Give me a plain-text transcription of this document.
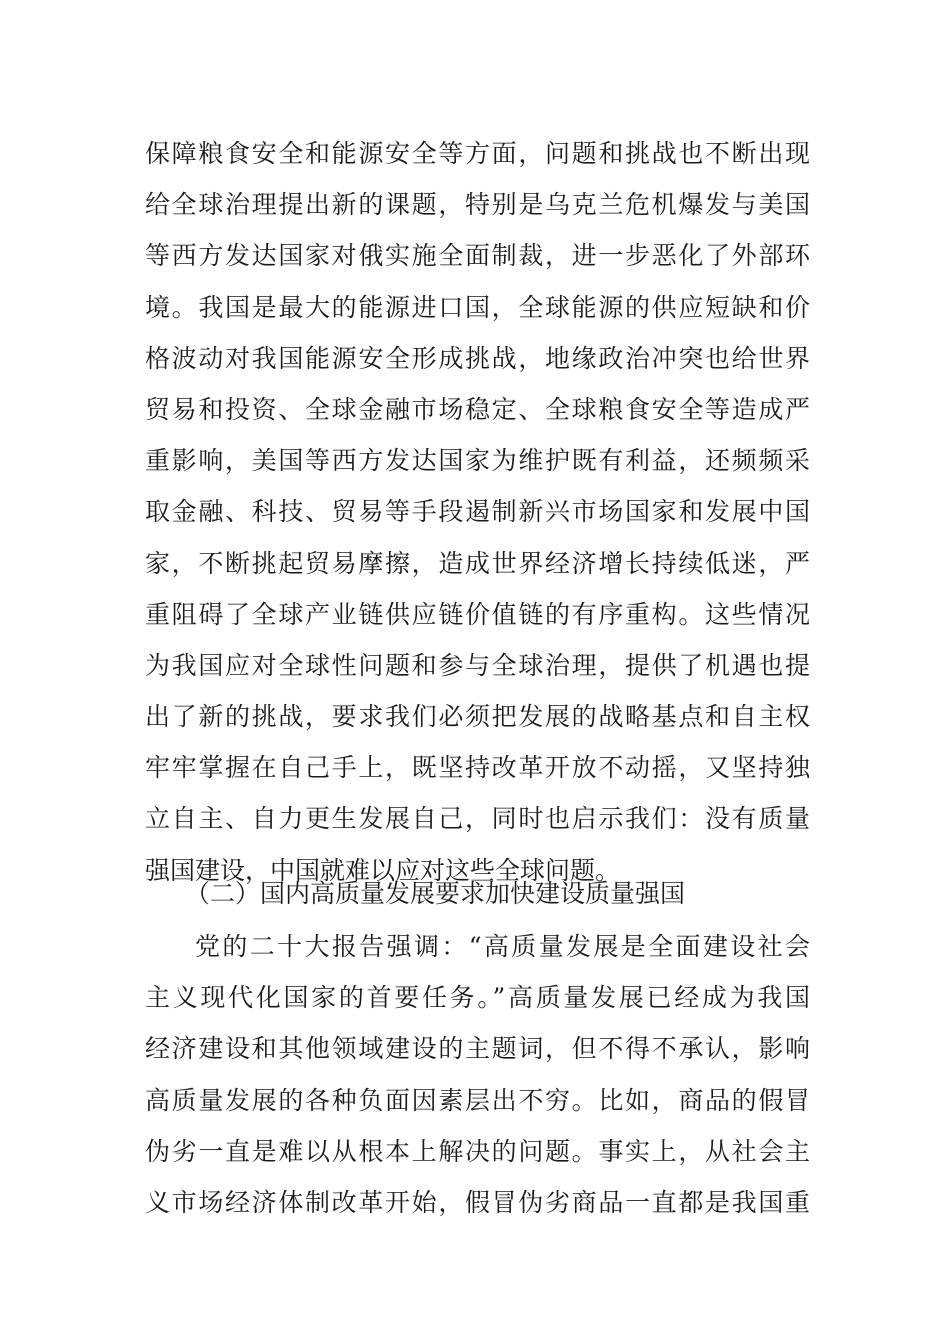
保障粮食安全和能源安全等方面，问题和挑战也不断出现
给全球治理提出新的课题，特别是乌克兰危机爆发与美国
等西方发达国家对俄实施全面制裁，进一步恶化了外部环
境。我国是最大的能源进口国，全球能源的供应短缺和价
格波动对我国能源安全形成挑战，地缘政治冲突也给世界
贸易和投资、全球金融市场稳定、全球粮食安全等造成严
重影响，美国等西方发达国家为维护既有利益，还频频采
取金融、科技、贸易等手段遏制新兴市场国家和发展中国
家，不断挑起贸易摩擦，造成世界经济增长持续低迷，严
重阻碍了全球产业链供应链价值链的有序重构。这些情况
为我国应对全球性问题和参与全球治理，提供了机遇也提
出了新的挑战，要求我们必须把发展的战略基点和自主权
牢牢掌握在自己手上，既坚持改革开放不动摇，又坚持独
立自主、自力更生发展自己，同时也启示我们：没有质量
强国建设，中国就难以应对这些全球问题。
（二）国内高质量发展要求加快建设质量强国
党的二十大报告强调：“高质量发展是全面建设社会
主义现代化国家的首要任务。”高质量发展已经成为我国
经济建设和其他领域建设的主题词，但不得不承认，影响
高质量发展的各种负面因素层出不穷。比如，商品的假冒
伪劣一直是难以从根本上解决的问题。事实上，从社会主
义市场经济体制改革开始，假冒伪劣商品一直都是我国重
